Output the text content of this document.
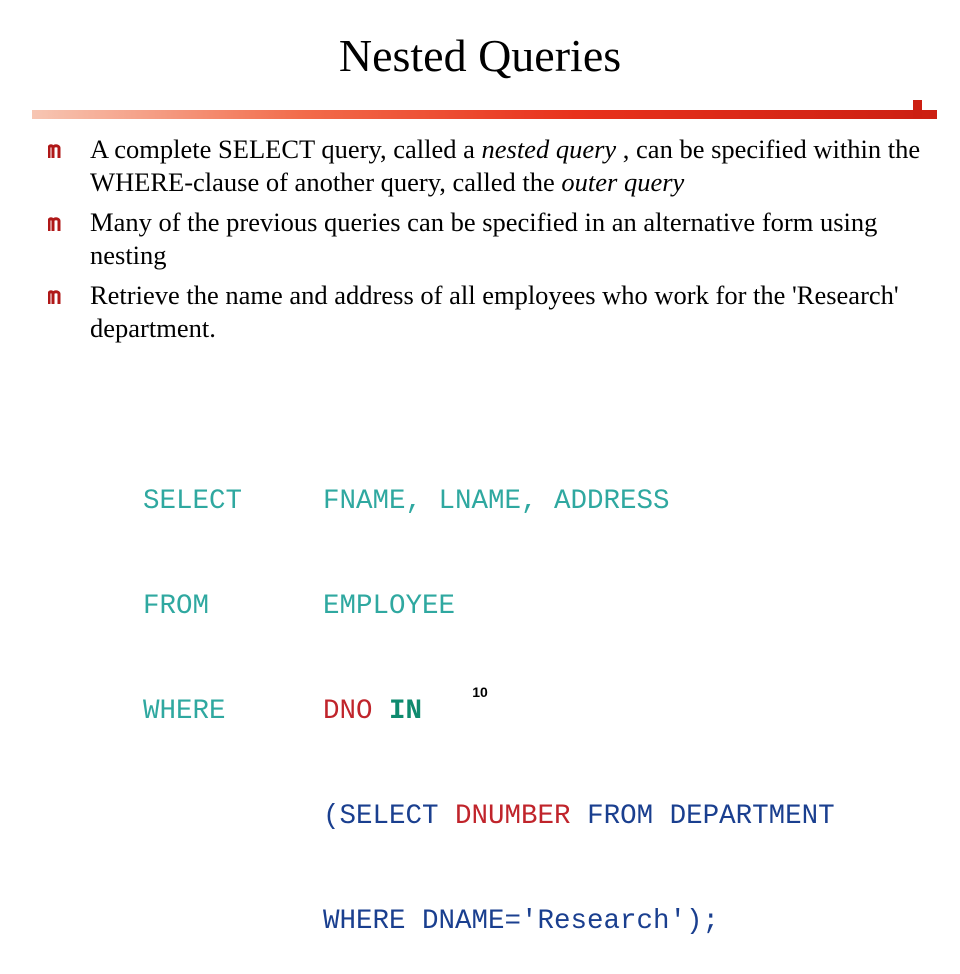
Nested Queries
A complete SELECT query, called a nested query , can be specified within the WHERE-clause of another query, called the outer query
Many of the previous queries can be specified in an alternative form using nesting
Retrieve the name and address of all employees who work for the 'Research' department.

SELECT	FNAME, LNAME, ADDRESS

FROM	EMPLOYEE

WHERE	DNO IN

(SELECT DNUMBER FROM DEPARTMENT

WHERE DNAME='Research');

10
